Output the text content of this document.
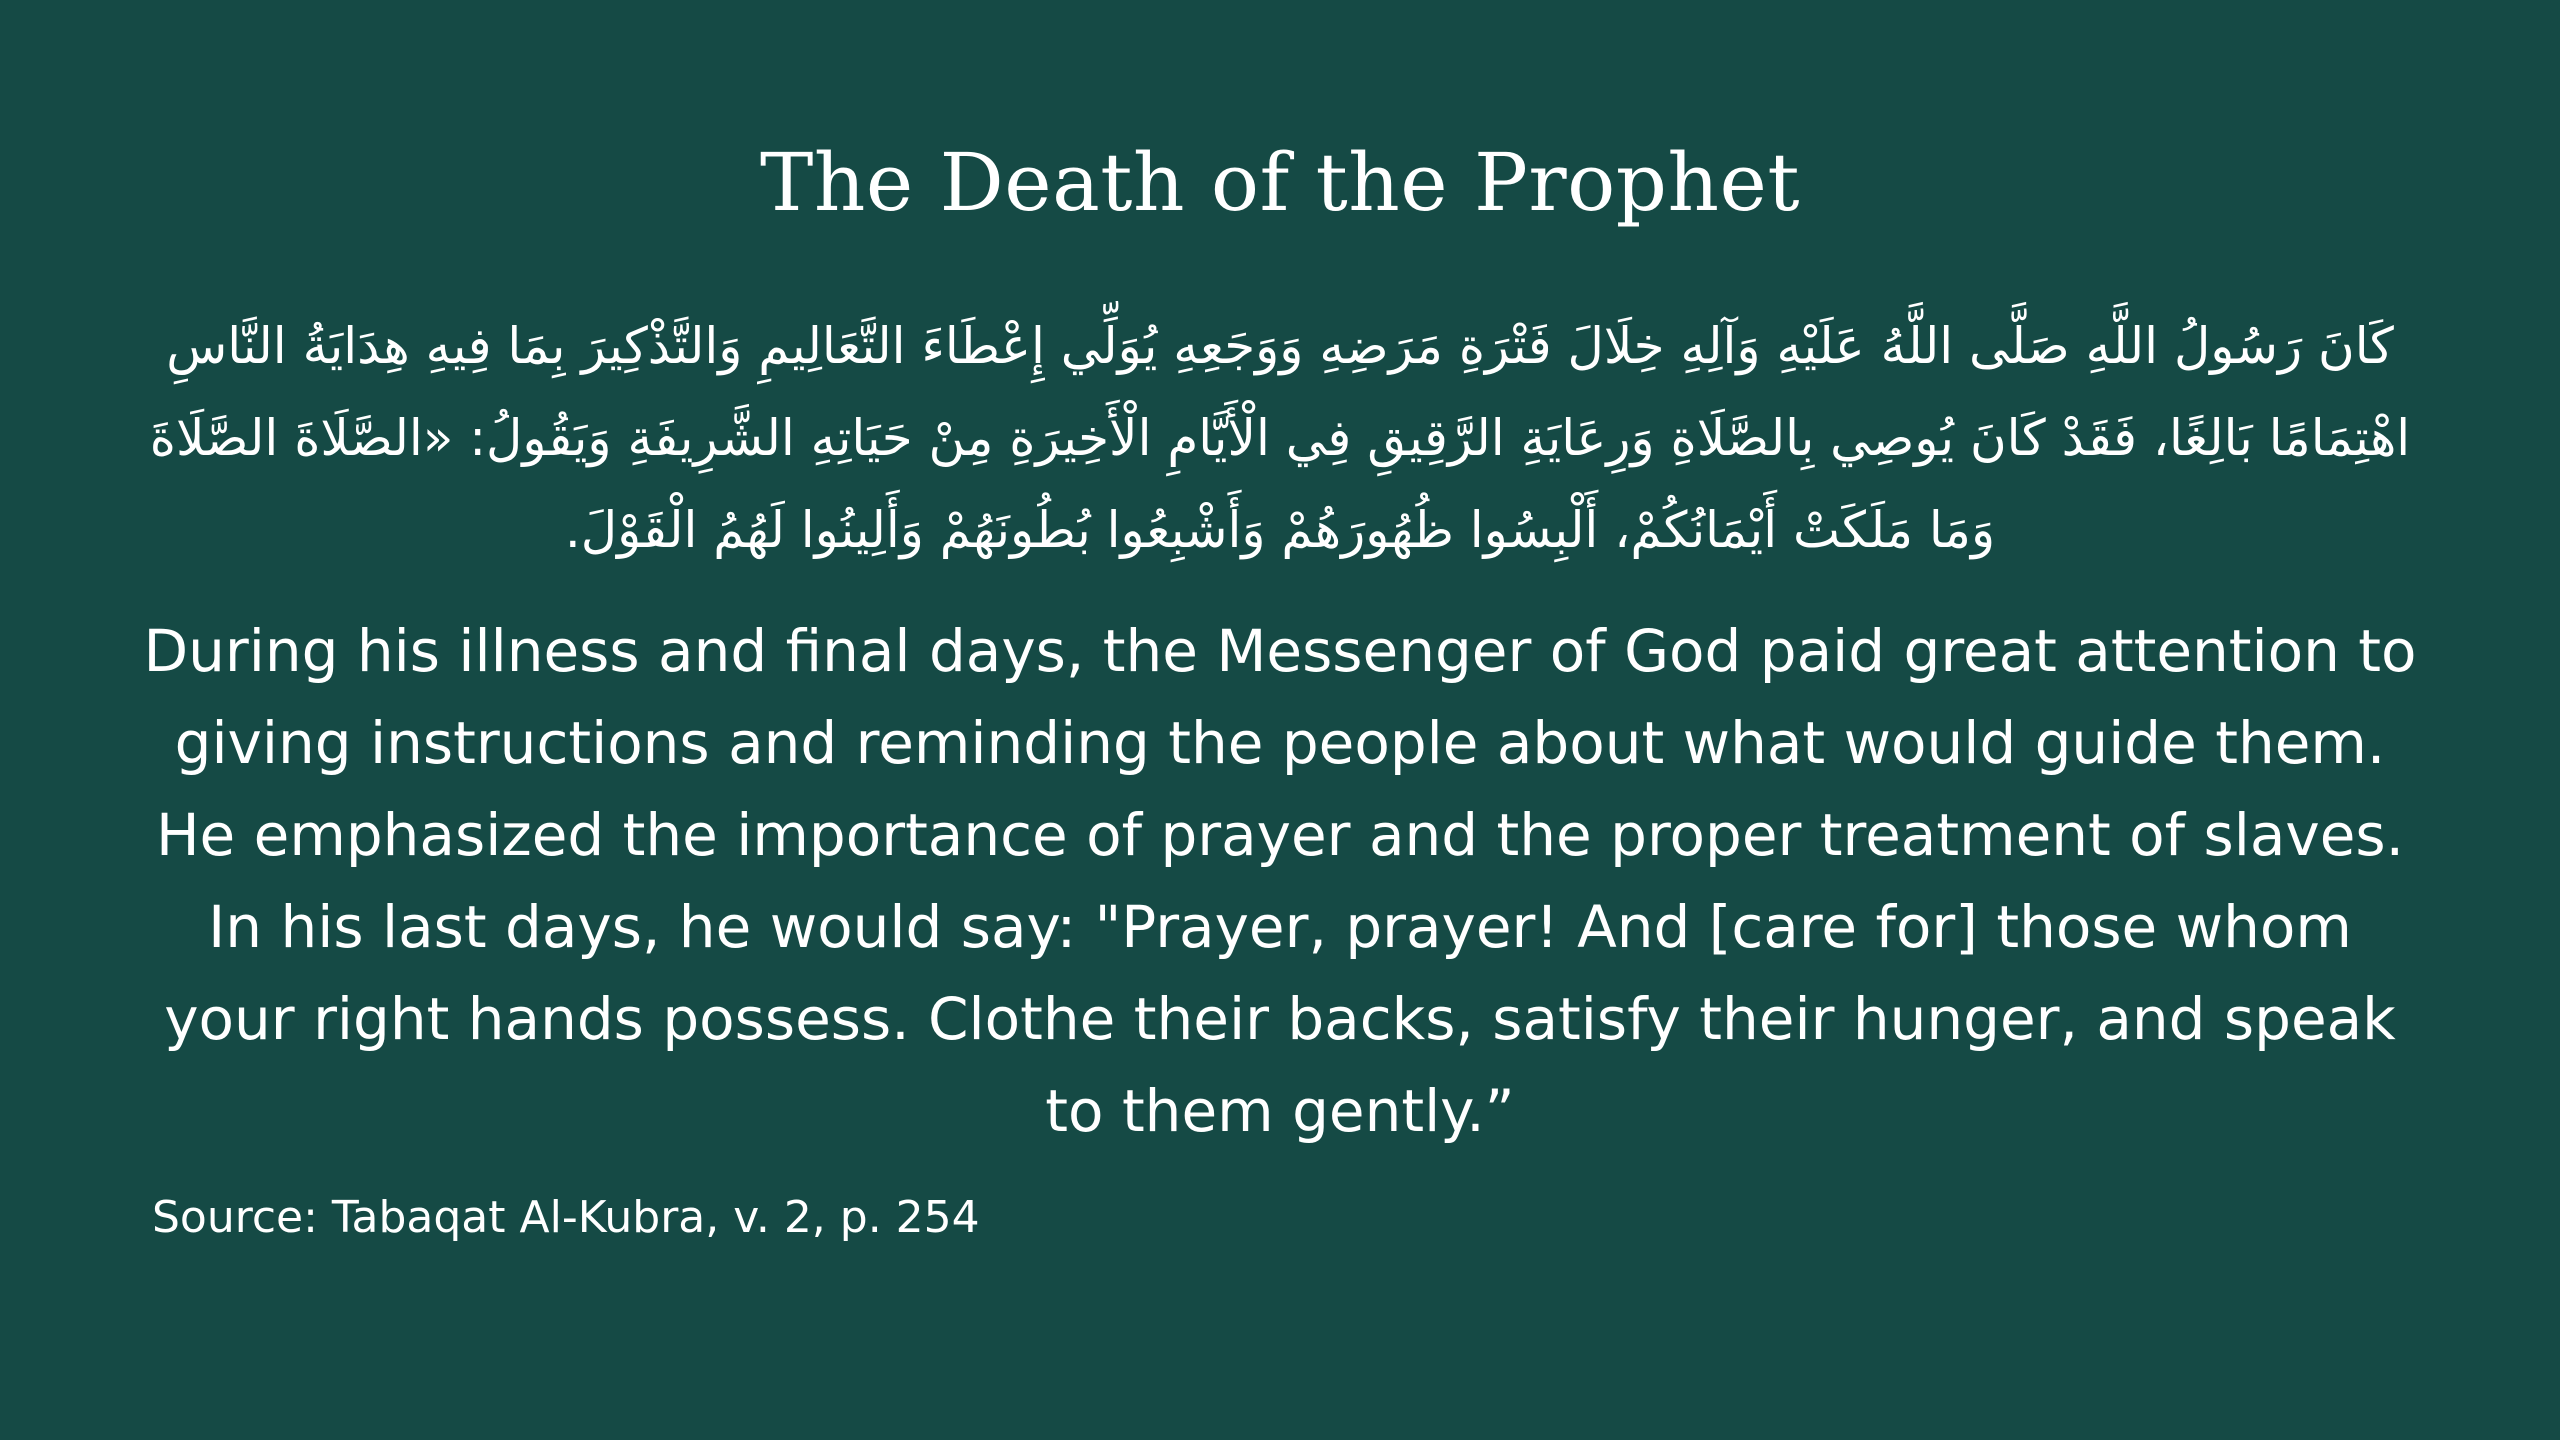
The Death of the Prophet

كَانَ رَسُولُ اللَّهِ صَلَّى اللَّهُ عَلَيْهِ وَآلِهِ خِلَالَ فَتْرَةِ مَرَضِهِ وَوَجَعِهِ يُوَلِّي إِعْطَاءَ التَّعَالِيمِ وَالتَّذْكِيرَ بِمَا فِيهِ هِدَايَةُ النَّاسِ اهْتِمَامًا بَالِغًا، فَقَدْ كَانَ يُوصِي بِالصَّلَاةِ وَرِعَايَةِ الرَّقِيقِ فِي الْأَيَّامِ الْأَخِيرَةِ مِنْ حَيَاتِهِ الشَّرِيفَةِ وَيَقُولُ: «الصَّلَاةَ الصَّلَاةَ وَمَا مَلَكَتْ أَيْمَانُكُمْ، أَلْبِسُوا ظُهُورَهُمْ وَأَشْبِعُوا بُطُونَهُمْ وَأَلِينُوا لَهُمُ الْقَوْلَ.

During his illness and final days, the Messenger of God paid great attention to giving instructions and reminding the people about what would guide them. He emphasized the importance of prayer and the proper treatment of slaves. In his last days, he would say: "Prayer, prayer! And [care for] those whom your right hands possess. Clothe their backs, satisfy their hunger, and speak to them gently.”

Source: Tabaqat Al-Kubra, v. 2, p. 254
